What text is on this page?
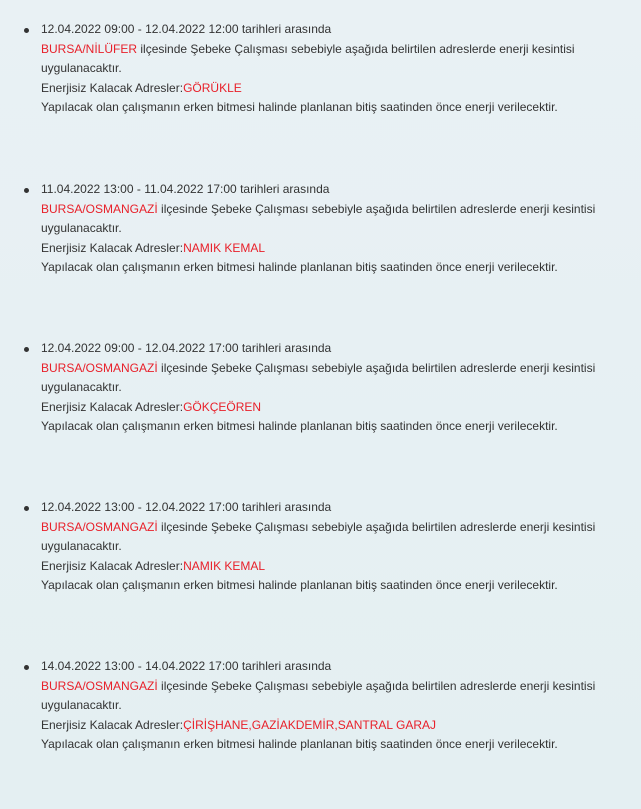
12.04.2022 09:00 - 12.04.2022 12:00 tarihleri arasında
BURSA/NİLÜFER ilçesinde Şebeke Çalışması sebebiyle aşağıda belirtilen adreslerde enerji kesintisi uygulanacaktır.
Enerjisiz Kalacak Adresler:GÖRÜKLE
Yapılacak olan çalışmanın erken bitmesi halinde planlanan bitiş saatinden önce enerji verilecektir.
11.04.2022 13:00 - 11.04.2022 17:00 tarihleri arasında
BURSA/OSMANGAZİ ilçesinde Şebeke Çalışması sebebiyle aşağıda belirtilen adreslerde enerji kesintisi uygulanacaktır.
Enerjisiz Kalacak Adresler:NAMIK KEMAL
Yapılacak olan çalışmanın erken bitmesi halinde planlanan bitiş saatinden önce enerji verilecektir.
12.04.2022 09:00 - 12.04.2022 17:00 tarihleri arasında
BURSA/OSMANGAZİ ilçesinde Şebeke Çalışması sebebiyle aşağıda belirtilen adreslerde enerji kesintisi uygulanacaktır.
Enerjisiz Kalacak Adresler:GÖKÇEÖREN
Yapılacak olan çalışmanın erken bitmesi halinde planlanan bitiş saatinden önce enerji verilecektir.
12.04.2022 13:00 - 12.04.2022 17:00 tarihleri arasında
BURSA/OSMANGAZİ ilçesinde Şebeke Çalışması sebebiyle aşağıda belirtilen adreslerde enerji kesintisi uygulanacaktır.
Enerjisiz Kalacak Adresler:NAMIK KEMAL
Yapılacak olan çalışmanın erken bitmesi halinde planlanan bitiş saatinden önce enerji verilecektir.
14.04.2022 13:00 - 14.04.2022 17:00 tarihleri arasında
BURSA/OSMANGAZİ ilçesinde Şebeke Çalışması sebebiyle aşağıda belirtilen adreslerde enerji kesintisi uygulanacaktır.
Enerjisiz Kalacak Adresler:ÇİRİŞHANE,GAZİAKDEMİR,SANTRAL GARAJ
Yapılacak olan çalışmanın erken bitmesi halinde planlanan bitiş saatinden önce enerji verilecektir.
